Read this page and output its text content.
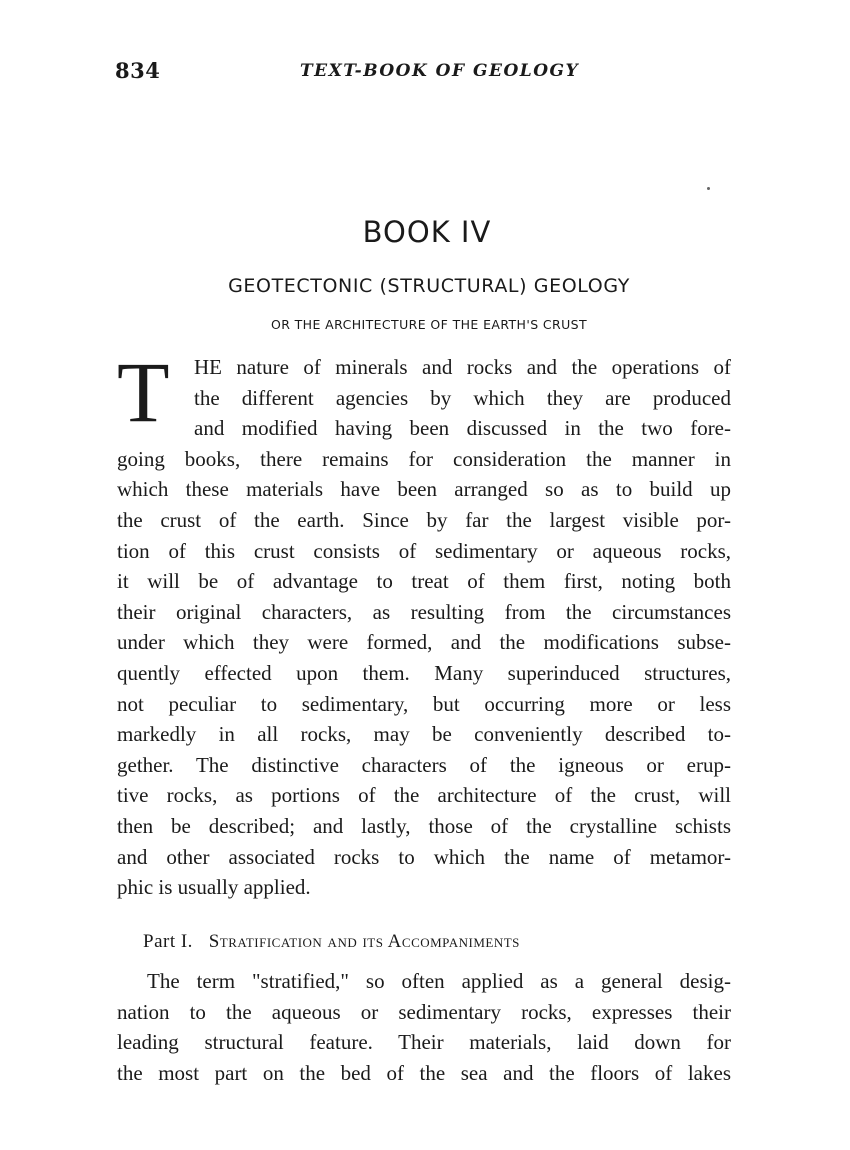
834	TEXT-BOOK OF GEOLOGY
BOOK IV
GEOTECTONIC (STRUCTURAL) GEOLOGY
OR THE ARCHITECTURE OF THE EARTH'S CRUST
T	HE nature of minerals and rocks and the operations of
the different agencies by which they are produced
and modified having been discussed in the two fore-
going books, there remains for consideration the manner in
which these materials have been arranged so as to build up
the crust of the earth. Since by far the largest visible por-
tion of this crust consists of sedimentary or aqueous rocks,
it will be of advantage to treat of them first, noting both
their original characters, as resulting from the circumstances
under which they were formed, and the modifications subse-
quently effected upon them. Many superinduced structures,
not peculiar to sedimentary, but occurring more or less
markedly in all rocks, may be conveniently described to-
gether. The distinctive characters of the igneous or erup-
tive rocks, as portions of the architecture of the crust, will
then be described; and lastly, those of the crystalline schists
and other associated rocks to which the name of metamor-
phic is usually applied.
Part I. Stratification and its Accompaniments
The term "stratified," so often applied as a general desig-
nation to the aqueous or sedimentary rocks, expresses their
leading structural feature. Their materials, laid down for
the most part on the bed of the sea and the floors of lakes
